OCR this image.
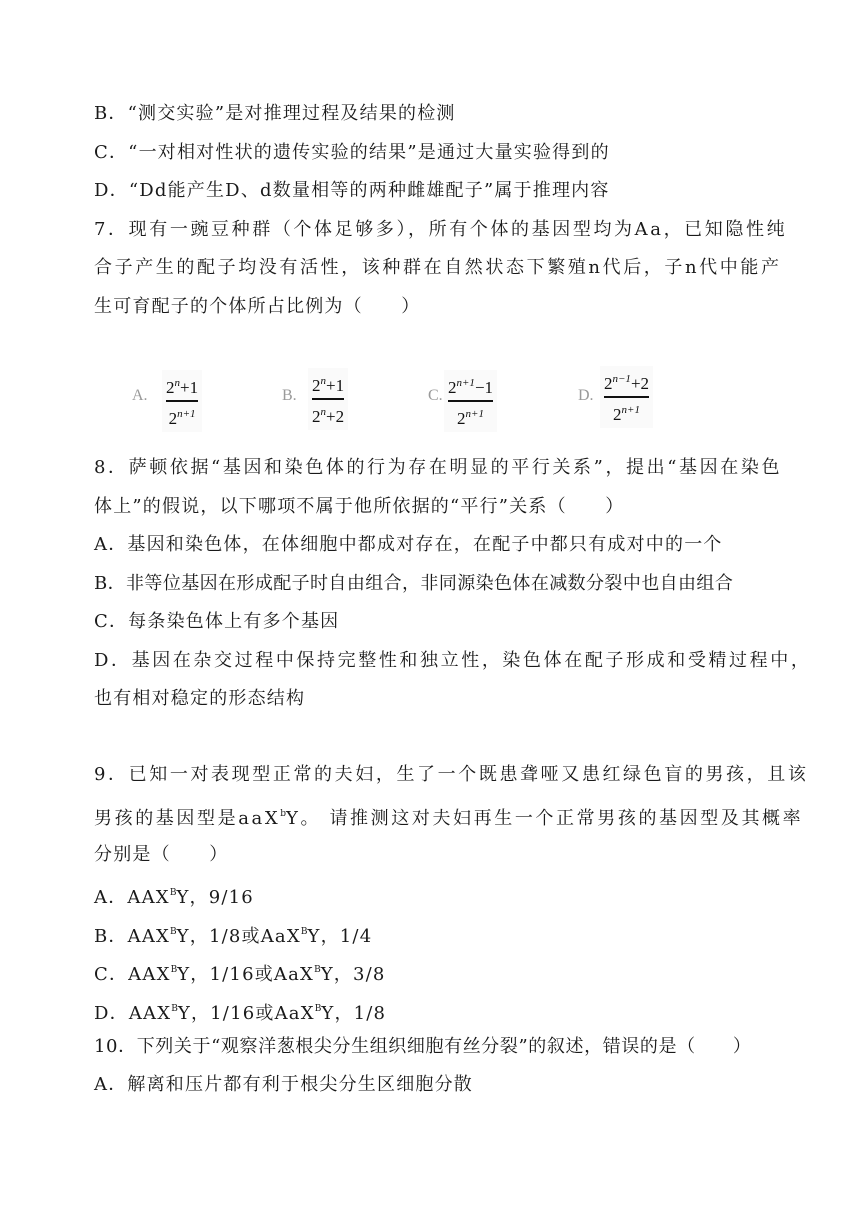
B．“测交实验”是对推理过程及结果的检测
C．“一对相对性状的遗传实验的结果”是通过大量实验得到的
D．“Dd能产生D、d数量相等的两种雌雄配子”属于推理内容
7．现有一豌豆种群（个体足够多），所有个体的基因型均为Aa，已知隐性纯
合子产生的配子均没有活性，该种群在自然状态下繁殖n代后，子n代中能产
生可育配子的个体所占比例为（　　）
A. $2^n+1$
$2^{n+1}$
B.
$2^n+1$
$2^n+2$
C. $2^{n+1}-1$
$2^{n+1}$
D.
$2^{n-1}+2$
$2^{n+1}$
8．萨顿依据“基因和染色体的行为存在明显的平行关系”，提出“基因在染色
体上”的假说，以下哪项不属于他所依据的“平行”关系（　　）
A．基因和染色体，在体细胞中都成对存在，在配子中都只有成对中的一个
B．非等位基因在形成配子时自由组合，非同源染色体在减数分裂中也自由组合
C．每条染色体上有多个基因
D．基因在杂交过程中保持完整性和独立性，染色体在配子形成和受精过程中，
也有相对稳定的形态结构
9．已知一对表现型正常的夫妇，生了一个既患聋哑又患红绿色盲的男孩，且该
男孩的基因型是aaX$^b$Y。 请推测这对夫妇再生一个正常男孩的基因型及其概率
分别是（　　）
A．$AAX^BY$，9/16
B．$AAX^BY$，1/8或AaX$^B$Y，1/4
C．$AAX^BY$，1/16或AaX$^B$Y，3/8
D．$AAX^BY$，1/16或AaX$^B$Y，1/8
10．下列关于“观察洋葱根尖分生组织细胞有丝分裂”的叙述，错误的是（　　）
A．解离和压片都有利于根尖分生区细胞分散
